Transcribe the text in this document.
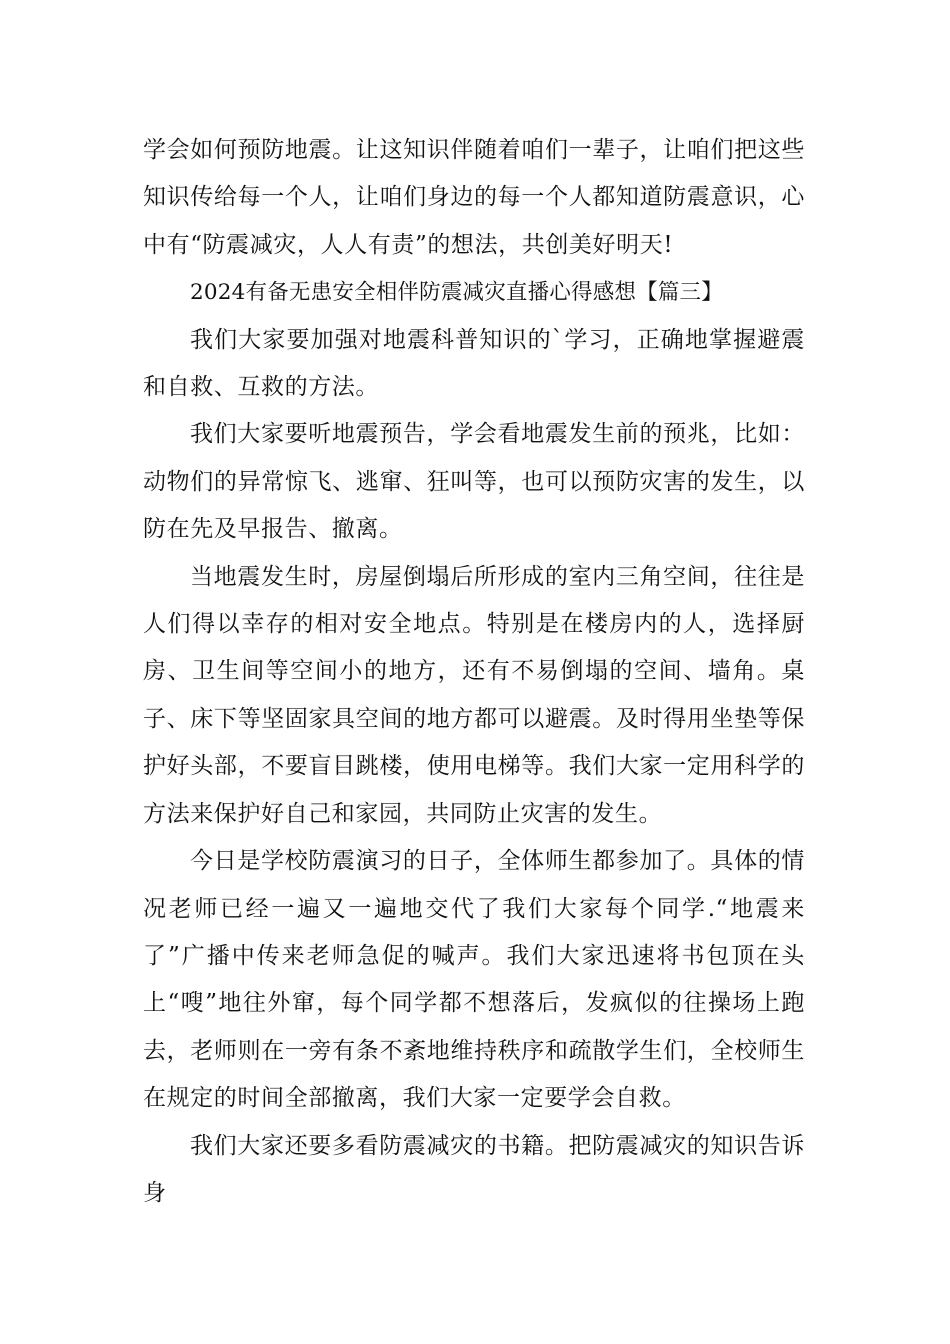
学会如何预防地震。让这知识伴随着咱们一辈子，让咱们把这些知识传给每一个人，让咱们身边的每一个人都知道防震意识，心中有“防震减灾，人人有责”的想法，共创美好明天!

2024有备无患安全相伴防震减灾直播心得感想【篇三】

我们大家要加强对地震科普知识的`学习，正确地掌握避震和自救、互救的方法。

我们大家要听地震预告，学会看地震发生前的预兆，比如：动物们的异常惊飞、逃窜、狂叫等，也可以预防灾害的发生，以防在先及早报告、撤离。

当地震发生时，房屋倒塌后所形成的室内三角空间，往往是人们得以幸存的相对安全地点。特别是在楼房内的人，选择厨房、卫生间等空间小的地方，还有不易倒塌的空间、墙角。桌子、床下等坚固家具空间的地方都可以避震。及时得用坐垫等保护好头部，不要盲目跳楼，使用电梯等。我们大家一定用科学的方法来保护好自己和家园，共同防止灾害的发生。

今日是学校防震演习的日子，全体师生都参加了。具体的情况老师已经一遍又一遍地交代了我们大家每个同学.“地震来了”广播中传来老师急促的喊声。我们大家迅速将书包顶在头上“嗖”地往外窜，每个同学都不想落后，发疯似的往操场上跑去，老师则在一旁有条不紊地维持秩序和疏散学生们，全校师生在规定的时间全部撤离，我们大家一定要学会自救。

我们大家还要多看防震减灾的书籍。把防震减灾的知识告诉身
